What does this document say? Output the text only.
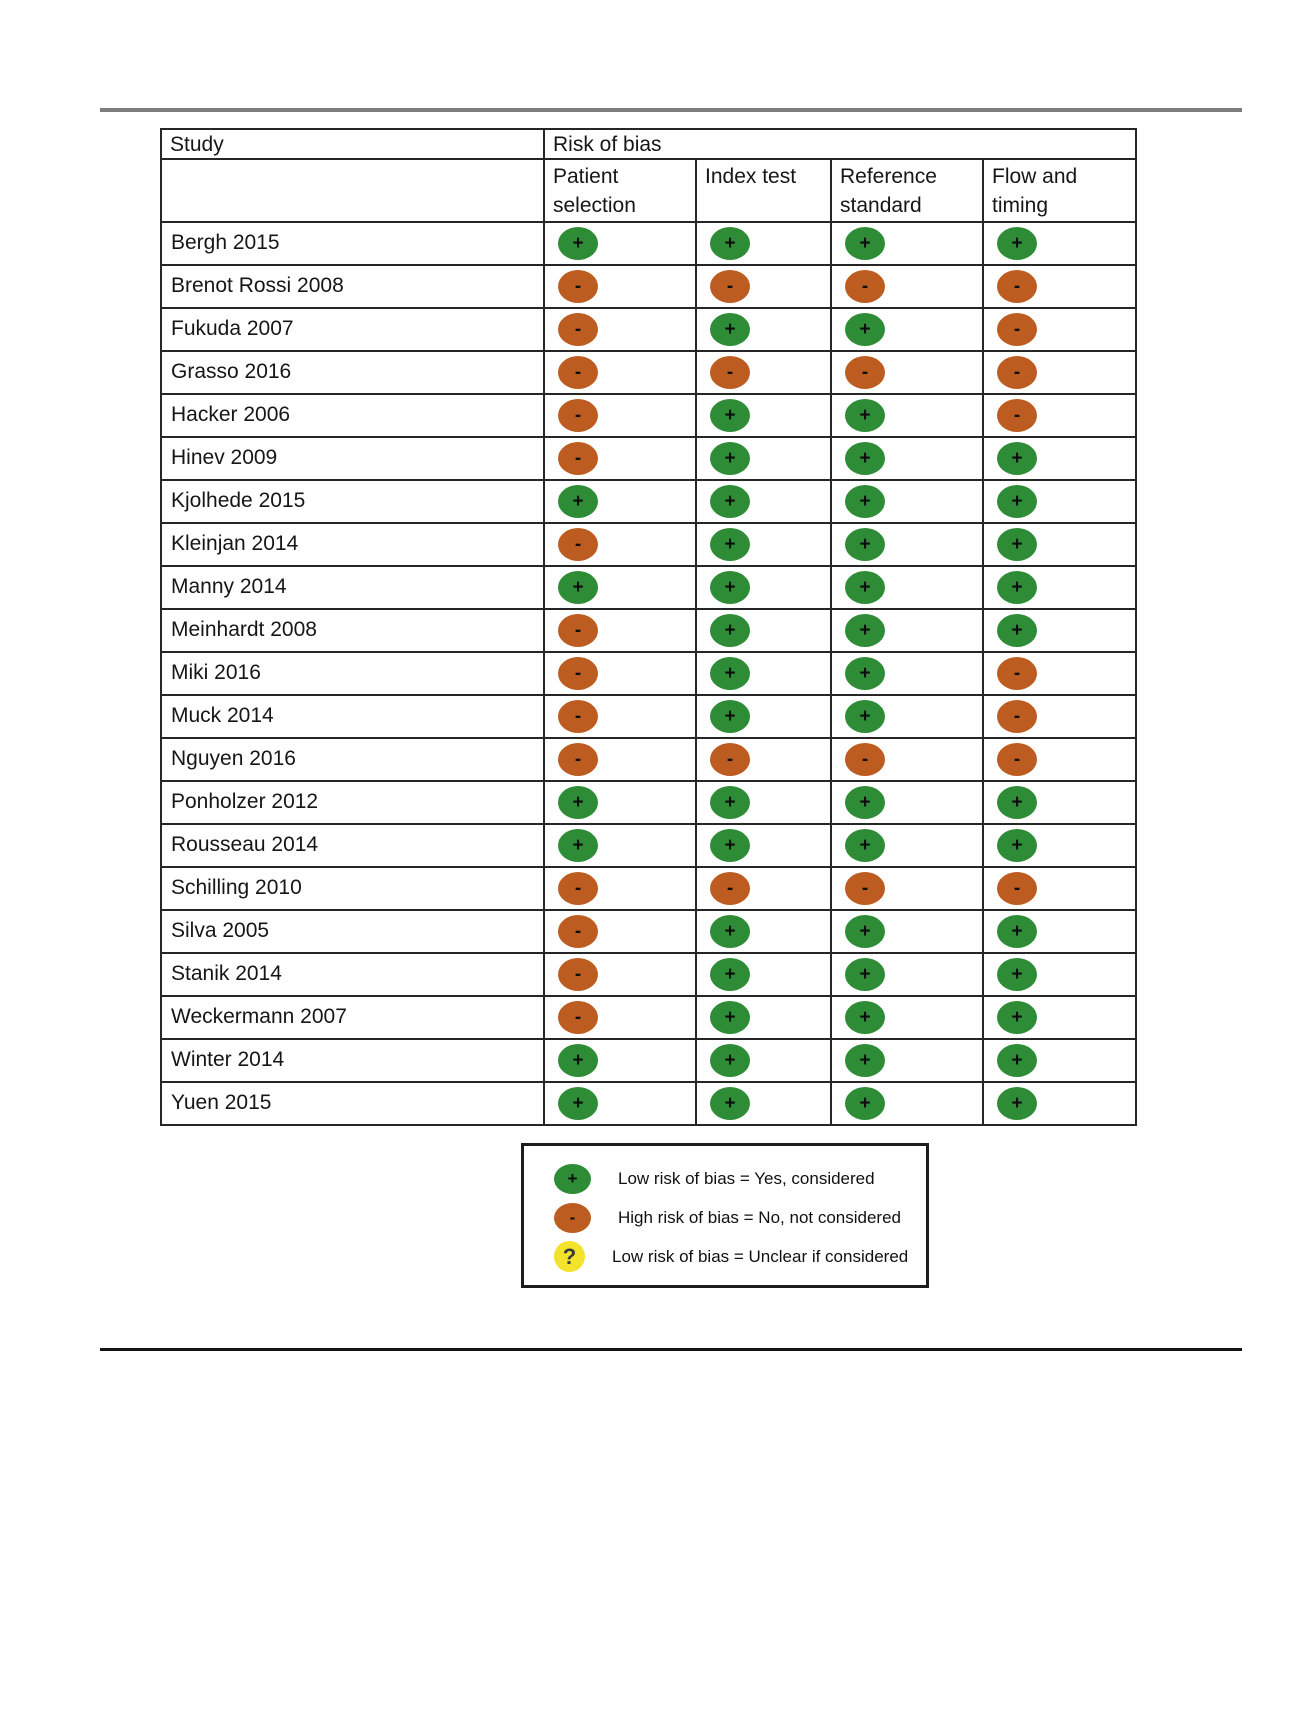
Study	Risk of bias			
	Patient selection	Index test	Reference standard	Flow and timing
Bergh 2015	+	+	+	+
Brenot Rossi 2008	-	-	-	-
Fukuda 2007	-	+	+	-
Grasso 2016	-	-	-	-
Hacker 2006	-	+	+	-
Hinev 2009	-	+	+	+
Kjolhede 2015	+	+	+	+
Kleinjan 2014	-	+	+	+
Manny 2014	+	+	+	+
Meinhardt 2008	-	+	+	+
Miki 2016	-	+	+	-
Muck 2014	-	+	+	-
Nguyen 2016	-	-	-	-
Ponholzer 2012	+	+	+	+
Rousseau 2014	+	+	+	+
Schilling 2010	-	-	-	-
Silva 2005	-	+	+	+
Stanik 2014	-	+	+	+
Weckermann 2007	-	+	+	+
Winter 2014	+	+	+	+
Yuen 2015	+	+	+	+
+	Low risk of bias = Yes, considered
-	High risk of bias = No, not considered
?	Low risk of bias = Unclear if considered
